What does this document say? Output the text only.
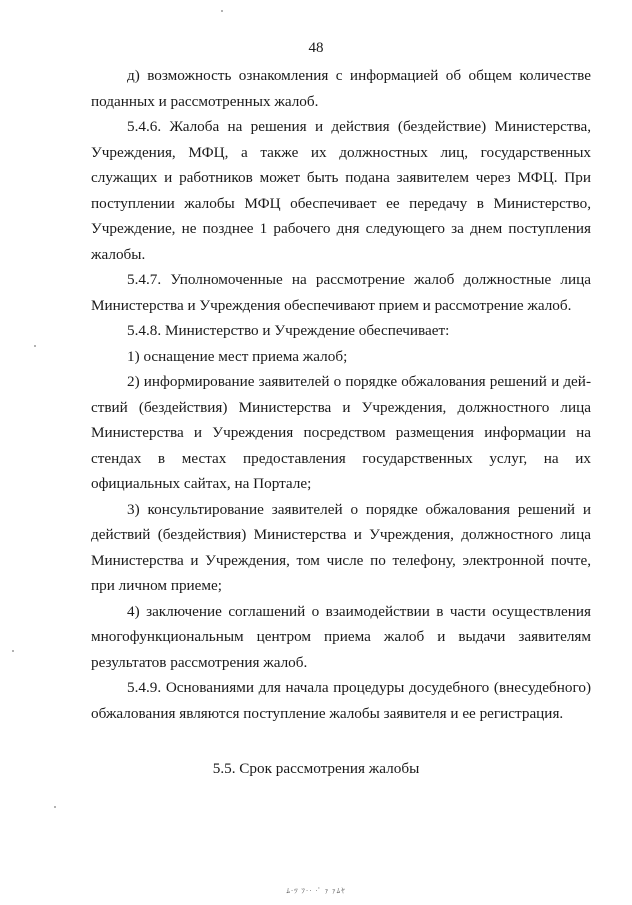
48

д) возможность ознакомления с информацией об общем количестве поданных и рассмотренных жалоб.

5.4.6. Жалоба на решения и действия (бездействие) Министерства, Учреждения, МФЦ, а также их должностных лиц, государственных служащих и работников может быть подана заявителем через МФЦ. При поступлении жалобы МФЦ обеспечивает ее передачу в Министерство, Учреждение, не позднее 1 рабочего дня следующего за днем поступления жалобы.

5.4.7. Уполномоченные на рассмотрение жалоб должностные лица Министерства и Учреждения обеспечивают прием и рассмотрение жалоб.

5.4.8. Министерство и Учреждение обеспечивает:

1) оснащение мест приема жалоб;

2) информирование заявителей о порядке обжалования решений и действий (бездействия) Министерства и Учреждения, должностного лица Министерства и Учреждения посредством размещения информации на стендах в местах предоставления государственных услуг, на их официальных сайтах, на Портале;

3) консультирование заявителей о порядке обжалования решений и действий (бездействия) Министерства и Учреждения, должностного лица Министерства и Учреждения, том числе по телефону, электронной почте, при личном приеме;

4) заключение соглашений о взаимодействии в части осуществления многофункциональным центром приема жалоб и выдачи заявителям результатов рассмотрения жалоб.

5.4.9. Основаниями для начала процедуры досудебного (внесудебного) обжалования являются поступление жалобы заявителя и ее регистрация.

5.5. Срок рассмотрения жалобы
ﾑ·ﾂ ﾌ·· ·ﾟ ｧ ｧﾑﾔ
